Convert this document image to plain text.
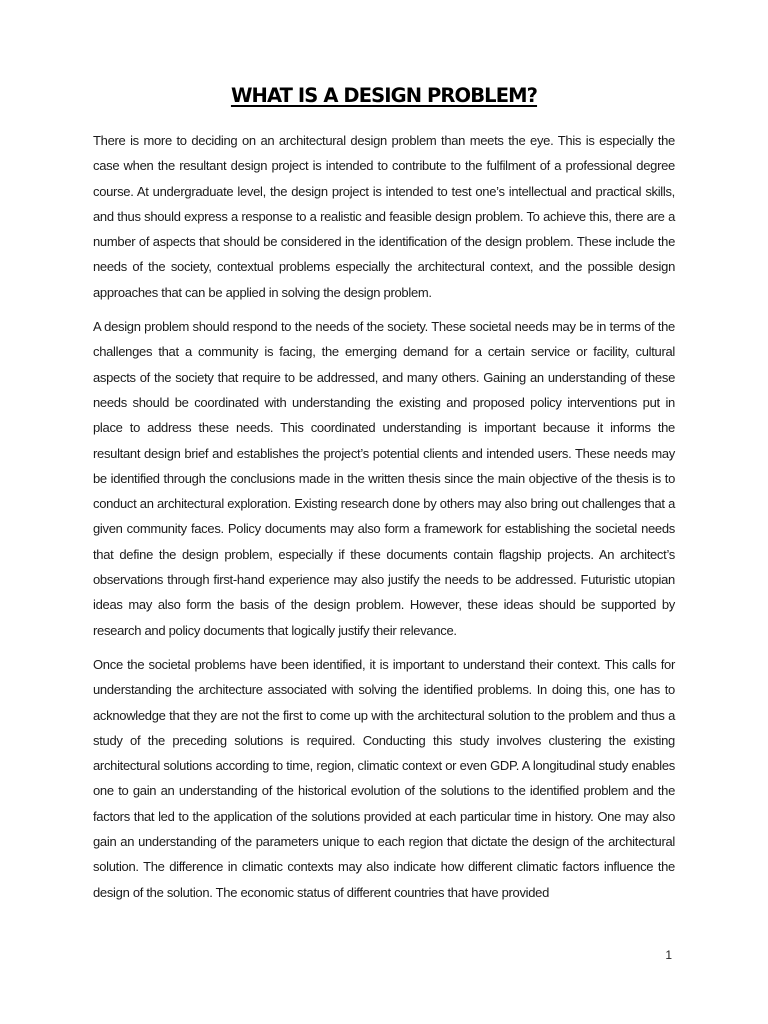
WHAT IS A DESIGN PROBLEM?

There is more to deciding on an architectural design problem than meets the eye. This is especially the case when the resultant design project is intended to contribute to the fulfilment of a professional degree course. At undergraduate level, the design project is intended to test one’s intellectual and practical skills, and thus should express a response to a realistic and feasible design problem. To achieve this, there are a number of aspects that should be considered in the identification of the design problem. These include the needs of the society, contextual problems especially the architectural context, and the possible design approaches that can be applied in solving the design problem.

A design problem should respond to the needs of the society. These societal needs may be in terms of the challenges that a community is facing, the emerging demand for a certain service or facility, cultural aspects of the society that require to be addressed, and many others. Gaining an understanding of these needs should be coordinated with understanding the existing and proposed policy interventions put in place to address these needs. This coordinated understanding is important because it informs the resultant design brief and establishes the project’s potential clients and intended users. These needs may be identified through the conclusions made in the written thesis since the main objective of the thesis is to conduct an architectural exploration. Existing research done by others may also bring out challenges that a given community faces. Policy documents may also form a framework for establishing the societal needs that define the design problem, especially if these documents contain flagship projects. An architect’s observations through first-hand experience may also justify the needs to be addressed. Futuristic utopian ideas may also form the basis of the design problem. However, these ideas should be supported by research and policy documents that logically justify their relevance.

Once the societal problems have been identified, it is important to understand their context. This calls for understanding the architecture associated with solving the identified problems. In doing this, one has to acknowledge that they are not the first to come up with the architectural solution to the problem and thus a study of the preceding solutions is required. Conducting this study involves clustering the existing architectural solutions according to time, region, climatic context or even GDP. A longitudinal study enables one to gain an understanding of the historical evolution of the solutions to the identified problem and the factors that led to the application of the solutions provided at each particular time in history. One may also gain an understanding of the parameters unique to each region that dictate the design of the architectural solution. The difference in climatic contexts may also indicate how different climatic factors influence the design of the solution. The economic status of different countries that have provided

1
